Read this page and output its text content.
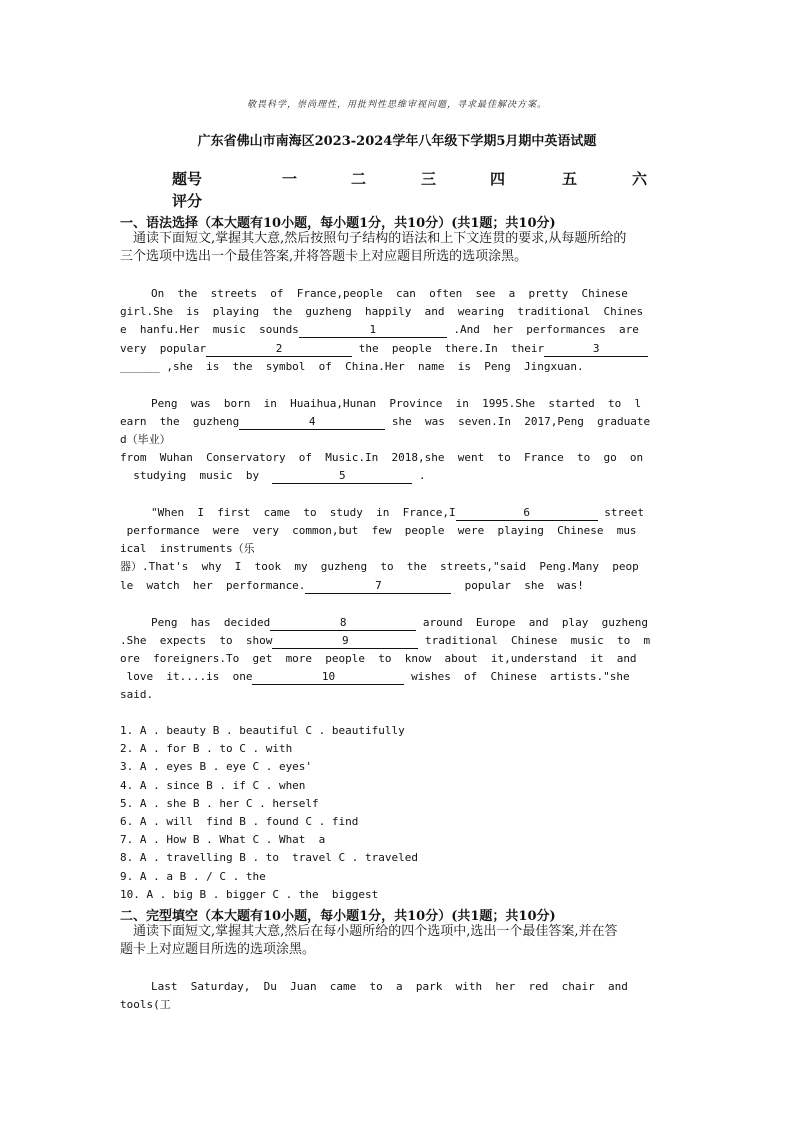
敬畏科学，崇尚理性，用批判性思维审视问题，寻求最佳解决方案。
广东省佛山市南海区2023-2024学年八年级下学期5月期中英语试题
题号	一	二	三	四	五	六
评分
一、语法选择（本大题有10小题，每小题1分，共10分）(共1题；共10分)
通读下面短文,掌握其大意,然后按照句子结构的语法和上下文连贯的要求,从每题所给的
三个选项中选出一个最佳答案,并将答题卡上对应题目所选的选项涂黑。
On  the  streets  of  France,people  can  often  see  a  pretty  Chinese
girl.She  is  playing  the  guzheng  happily  and  wearing  traditional  Chines
e  hanfu.Her  music  sounds	1	.And  her  performances  are
very  popular	2	the  people  there.In  their	3
______ ,she  is  the  symbol  of  China.Her  name  is  Peng  Jingxuan.
Peng  was  born  in  Huaihua,Hunan  Province  in  1995.She  started  to  l
earn  the  guzheng	4	she  was  seven.In  2017,Peng  graduate
d（毕业）
from  Wuhan  Conservatory  of  Music.In  2018,she  went  to  France  to  go  on
studying  music  by	5	.
"When  I  first  came  to  study  in  France,I	6	street
performance  were  very  common,but  few  people  were  playing  Chinese  mus
ical  instruments（乐
器）.That's  why  I  took  my  guzheng  to  the  streets,"said  Peng.Many  peop
le  watch  her  performance.	7	popular  she  was!
Peng  has  decided	8	around  Europe  and  play  guzheng
.She  expects  to  show	9	traditional  Chinese  music  to  m
ore  foreigners.To  get  more  people  to  know  about  it,understand  it  and
love  it....is  one	10	wishes  of  Chinese  artists."she
said.
1. A . beauty B . beautiful C . beautifully
2. A . for B . to C . with
3. A . eyes B . eye C . eyes'
4. A . since B . if C . when
5. A . she B . her C . herself
6. A . will  find B . found C . find
7. A . How B . What C . What  a
8. A . travelling B . to  travel C . traveled
9. A . a B . / C . the
10. A . big B . bigger C . the  biggest
二、完型填空（本大题有10小题，每小题1分，共10分）(共1题；共10分)
通读下面短文,掌握其大意,然后在每小题所给的四个选项中,选出一个最佳答案,并在答
题卡上对应题目所选的选项涂黑。
Last  Saturday,  Du  Juan  came  to  a  park  with  her  red  chair  and
tools(工
